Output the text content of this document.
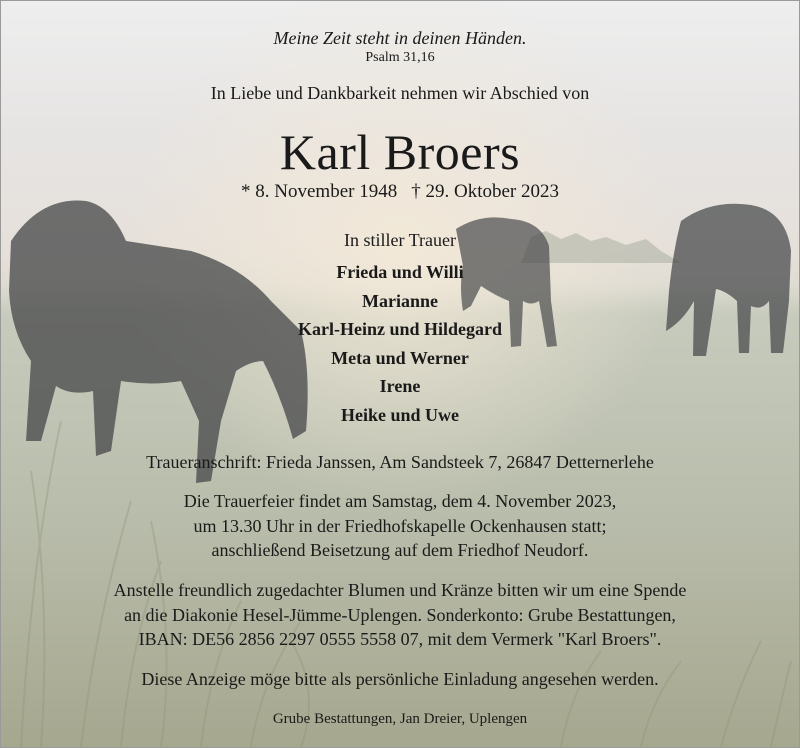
Meine Zeit steht in deinen Händen.
Psalm 31,16
In Liebe und Dankbarkeit nehmen wir Abschied von
Karl Broers
* 8. November 1948 † 29. Oktober 2023
In stiller Trauer
Frieda und Willi
Marianne
Karl-Heinz und Hildegard
Meta und Werner
Irene
Heike und Uwe
Traueranschrift: Frieda Janssen, Am Sandsteek 7, 26847 Detternerlehe

Die Trauerfeier findet am Samstag, dem 4. November 2023,
um 13.30 Uhr in der Friedhofskapelle Ockenhausen statt;
anschließend Beisetzung auf dem Friedhof Neudorf.

Anstelle freundlich zugedachter Blumen und Kränze bitten wir um eine Spende
an die Diakonie Hesel-Jümme-Uplengen. Sonderkonto: Grube Bestattungen,
IBAN: DE56 2856 2297 0555 5558 07, mit dem Vermerk "Karl Broers".

Diese Anzeige möge bitte als persönliche Einladung angesehen werden.
Grube Bestattungen, Jan Dreier, Uplengen
